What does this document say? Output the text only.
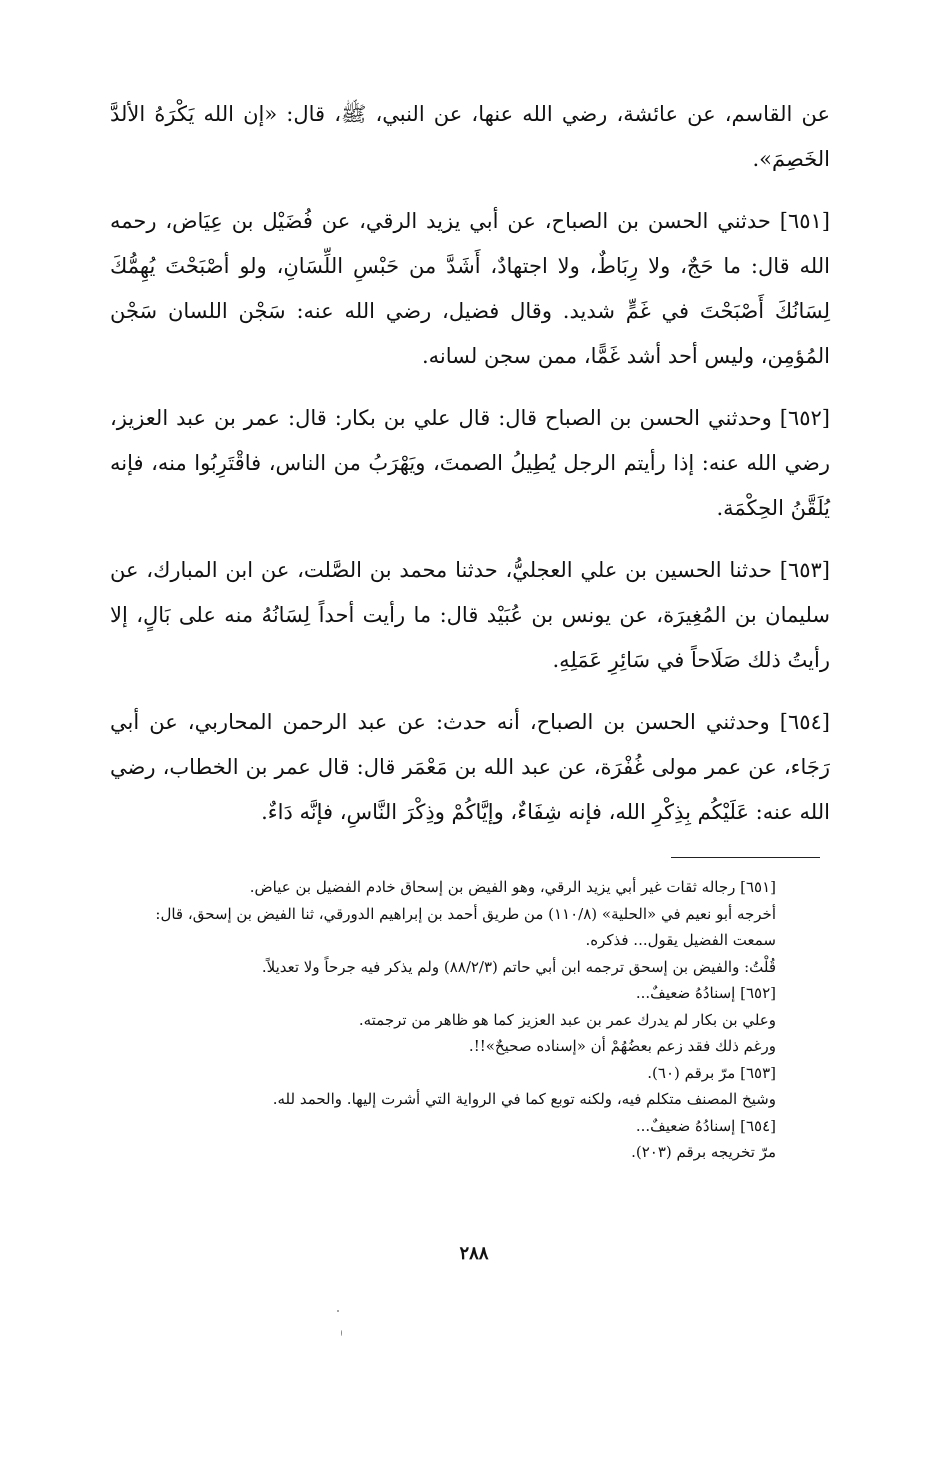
عن القاسم، عن عائشة، رضي الله عنها، عن النبي، ﷺ، قال: «إن الله يَكْرَهُ الألدَّ الخَصِمَ».

[٦٥١] حدثني الحسن بن الصباح، عن أبي يزيد الرقي، عن فُضَيْل بن عِيَاض، رحمه الله قال: ما حَجٌ، ولا رِبَاطٌ، ولا اجتهادٌ، أَشَدَّ من حَبْسِ اللِّسَانِ، ولو أصْبَحْتَ يُهِمُّكَ لِسَانُكَ أَصْبَحْتَ في غَمٍّ شديد. وقال فضيل، رضي الله عنه: سَجْن اللسان سَجْن المُؤمِن، وليس أحد أشد غَمًّا، ممن سجن لسانه.

[٦٥٢] وحدثني الحسن بن الصباح قال: قال علي بن بكار: قال: عمر بن عبد العزيز، رضي الله عنه: إذا رأيتم الرجل يُطِيلُ الصمتَ، ويَهْرَبُ من الناس، فاقْتَرِبُوا منه، فإنه يُلَقَّنُ الحِكْمَة.

[٦٥٣] حدثنا الحسين بن علي العجليُّ، حدثنا محمد بن الصَّلت، عن ابن المبارك، عن سليمان بن المُغِيرَة، عن يونس بن عُبَيْد قال: ما رأيت أحداً لِسَانُهُ منه على بَالٍ، إلا رأيتُ ذلك صَلَاحاً في سَائِرِ عَمَلِهِ.

[٦٥٤] وحدثني الحسن بن الصباح، أنه حدث: عن عبد الرحمن المحاربي، عن أبي رَجَاء، عن عمر مولى غُفْرَة، عن عبد الله بن مَعْمَر قال: قال عمر بن الخطاب، رضي الله عنه: عَلَيْكُم بِذِكْرِ الله، فإنه شِفَاءٌ، وإيَّاكُمْ وذِكْرَ النَّاسِ، فإنَّه دَاءٌ.

[٦٥١] رجاله ثقات غير أبي يزيد الرقي، وهو الفيض بن إسحاق خادم الفضيل بن عياض.
أخرجه أبو نعيم في «الحلية» (١١٠/٨) من طريق أحمد بن إبراهيم الدورقي، ثنا الفيض بن إسحق، قال: سمعت الفضيل يقول... فذكره.
قُلْتُ: والفيض بن إسحق ترجمه ابن أبي حاتم (٨٨/٢/٣) ولم يذكر فيه جرحاً ولا تعديلاً.
[٦٥٢] إسنادُهُ ضعيفٌ...
وعلي بن بكار لم يدرك عمر بن عبد العزيز كما هو ظاهر من ترجمته.
ورغم ذلك فقد زعم بعضُهُمْ أن «إسناده صحيحٌ»!!.
[٦٥٣] مرّ برقم (٦٠).
وشيخ المصنف متكلم فيه، ولكنه توبع كما في الرواية التي أشرت إليها. والحمد لله.
[٦٥٤] إسنادُهُ ضعيفٌ...
مرّ تخريجه برقم (٢٠٣).
٢٨٨
